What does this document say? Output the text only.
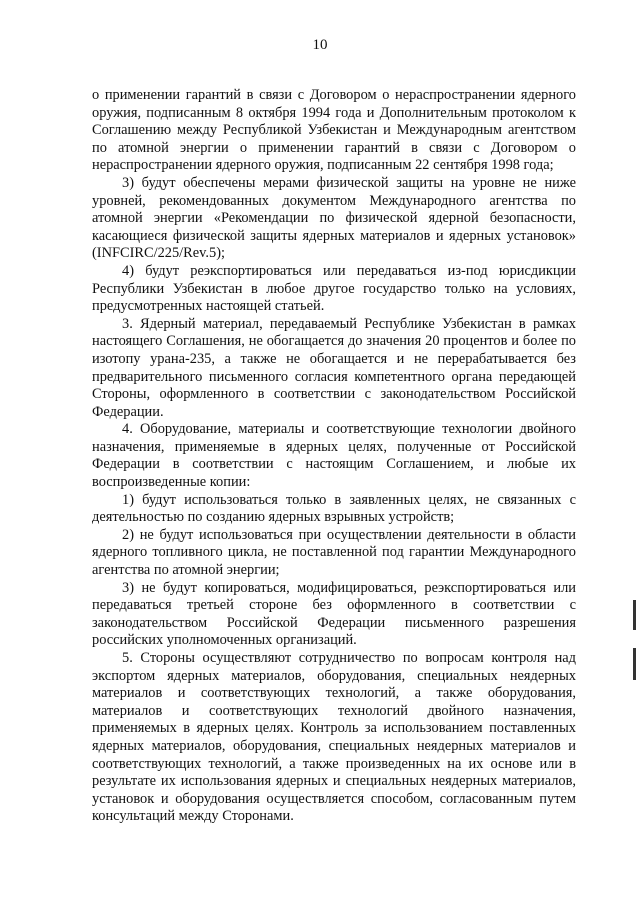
10

о применении гарантий в связи с Договором о нераспространении ядерного оружия, подписанным 8 октября 1994 года и Дополнительным протоколом к Соглашению между Республикой Узбекистан и Международным агентством по атомной энергии о применении гарантий в связи с Договором о нераспространении ядерного оружия, подписанным 22 сентября 1998 года;

3) будут обеспечены мерами физической защиты на уровне не ниже уровней, рекомендованных документом Международного агентства по атомной энергии «Рекомендации по физической ядерной безопасности, касающиеся физической защиты ядерных материалов и ядерных установок» (INFCIRC/225/Rev.5);

4) будут реэкспортироваться или передаваться из-под юрисдикции Республики Узбекистан в любое другое государство только на условиях, предусмотренных настоящей статьей.

3. Ядерный материал, передаваемый Республике Узбекистан в рамках настоящего Соглашения, не обогащается до значения 20 процентов и более по изотопу урана-235, а также не обогащается и не перерабатывается без предварительного письменного согласия компетентного органа передающей Стороны, оформленного в соответствии с законодательством Российской Федерации.

4. Оборудование, материалы и соответствующие технологии двойного назначения, применяемые в ядерных целях, полученные от Российской Федерации в соответствии с настоящим Соглашением, и любые их воспроизведенные копии:

1) будут использоваться только в заявленных целях, не связанных с деятельностью по созданию ядерных взрывных устройств;

2) не будут использоваться при осуществлении деятельности в области ядерного топливного цикла, не поставленной под гарантии Международного агентства по атомной энергии;

3) не будут копироваться, модифицироваться, реэкспортироваться или передаваться третьей стороне без оформленного в соответствии с законодательством Российской Федерации письменного разрешения российских уполномоченных организаций.

5. Стороны осуществляют сотрудничество по вопросам контроля над экспортом ядерных материалов, оборудования, специальных неядерных материалов и соответствующих технологий, а также оборудования, материалов и соответствующих технологий двойного назначения, применяемых в ядерных целях. Контроль за использованием поставленных ядерных материалов, оборудования, специальных неядерных материалов и соответствующих технологий, а также произведенных на их основе или в результате их использования ядерных и специальных неядерных материалов, установок и оборудования осуществляется способом, согласованным путем консультаций между Сторонами.
